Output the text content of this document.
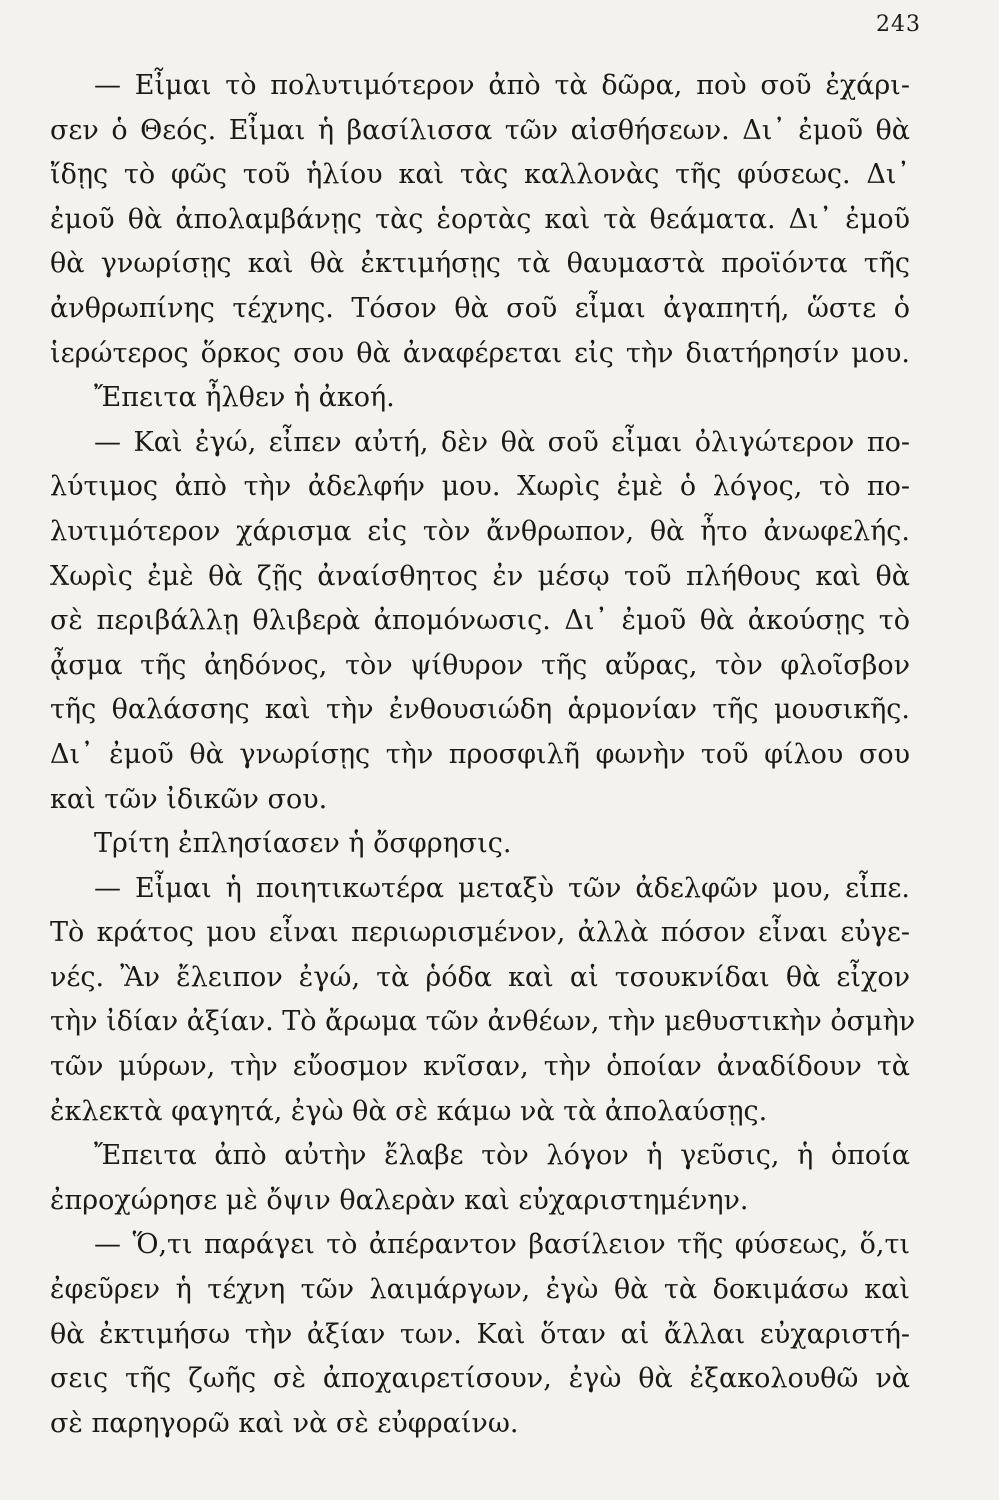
243
— Εἶμαι τὸ πολυτιμότερον ἀπὸ τὰ δῶρα, ποὺ σοῦ ἐχάρι-
σεν ὁ Θεός. Εἶμαι ἡ βασίλισσα τῶν αἰσθήσεων. Δι᾽ ἐμοῦ θὰ
ἴδῃς τὸ φῶς τοῦ ἡλίου καὶ τὰς καλλονὰς τῆς φύσεως. Δι᾽
ἐμοῦ θὰ ἀπολαμβάνῃς τὰς ἑορτὰς καὶ τὰ θεάματα. Δι᾽ ἐμοῦ
θὰ γνωρίσῃς καὶ θὰ ἐκτιμήσῃς τὰ θαυμαστὰ προϊόντα τῆς
ἀνθρωπίνης τέχνης. Τόσον θὰ σοῦ εἶμαι ἀγαπητή, ὥστε ὁ
ἱερώτερος ὅρκος σου θὰ ἀναφέρεται εἰς τὴν διατήρησίν μου.
Ἔπειτα ἦλθεν ἡ ἀκοή.
— Καὶ ἐγώ, εἶπεν αὐτή, δὲν θὰ σοῦ εἶμαι ὀλιγώτερον πο-
λύτιμος ἀπὸ τὴν ἀδελφήν μου. Χωρὶς ἐμὲ ὁ λόγος, τὸ πο-
λυτιμότερον χάρισμα εἰς τὸν ἄνθρωπον, θὰ ἦτο ἀνωφελής.
Χωρὶς ἐμὲ θὰ ζῇς ἀναίσθητος ἐν μέσῳ τοῦ πλήθους καὶ θὰ
σὲ περιβάλλῃ θλιβερὰ ἀπομόνωσις. Δι᾽ ἐμοῦ θὰ ἀκούσῃς τὸ
ᾆσμα τῆς ἀηδόνος, τὸν ψίθυρον τῆς αὔρας, τὸν φλοῖσβον
τῆς θαλάσσης καὶ τὴν ἐνθουσιώδη ἁρμονίαν τῆς μουσικῆς.
Δι᾽ ἐμοῦ θὰ γνωρίσῃς τὴν προσφιλῆ φωνὴν τοῦ φίλου σου
καὶ τῶν ἰδικῶν σου.
Τρίτη ἐπλησίασεν ἡ ὄσφρησις.
— Εἶμαι ἡ ποιητικωτέρα μεταξὺ τῶν ἀδελφῶν μου, εἶπε.
Τὸ κράτος μου εἶναι περιωρισμένον, ἀλλὰ πόσον εἶναι εὐγε-
νές. Ἂν ἔλειπον ἐγώ, τὰ ῥόδα καὶ αἱ τσουκνίδαι θὰ εἶχον
τὴν ἰδίαν ἀξίαν. Τὸ ἄρωμα τῶν ἀνθέων, τὴν μεθυστικὴν ὀσμὴν
τῶν μύρων, τὴν εὔοσμον κνῖσαν, τὴν ὁποίαν ἀναδίδουν τὰ
ἐκλεκτὰ φαγητά, ἐγὼ θὰ σὲ κάμω νὰ τὰ ἀπολαύσῃς.
Ἔπειτα ἀπὸ αὐτὴν ἔλαβε τὸν λόγον ἡ γεῦσις, ἡ ὁποία
ἐπροχώρησε μὲ ὄψιν θαλερὰν καὶ εὐχαριστημένην.
— Ὅ,τι παράγει τὸ ἀπέραντον βασίλειον τῆς φύσεως, ὅ,τι
ἐφεῦρεν ἡ τέχνη τῶν λαιμάργων, ἐγὼ θὰ τὰ δοκιμάσω καὶ
θὰ ἐκτιμήσω τὴν ἀξίαν των. Καὶ ὅταν αἱ ἄλλαι εὐχαριστή-
σεις τῆς ζωῆς σὲ ἀποχαιρετίσουν, ἐγὼ θὰ ἐξακολουθῶ νὰ
σὲ παρηγορῶ καὶ νὰ σὲ εὐφραίνω.
